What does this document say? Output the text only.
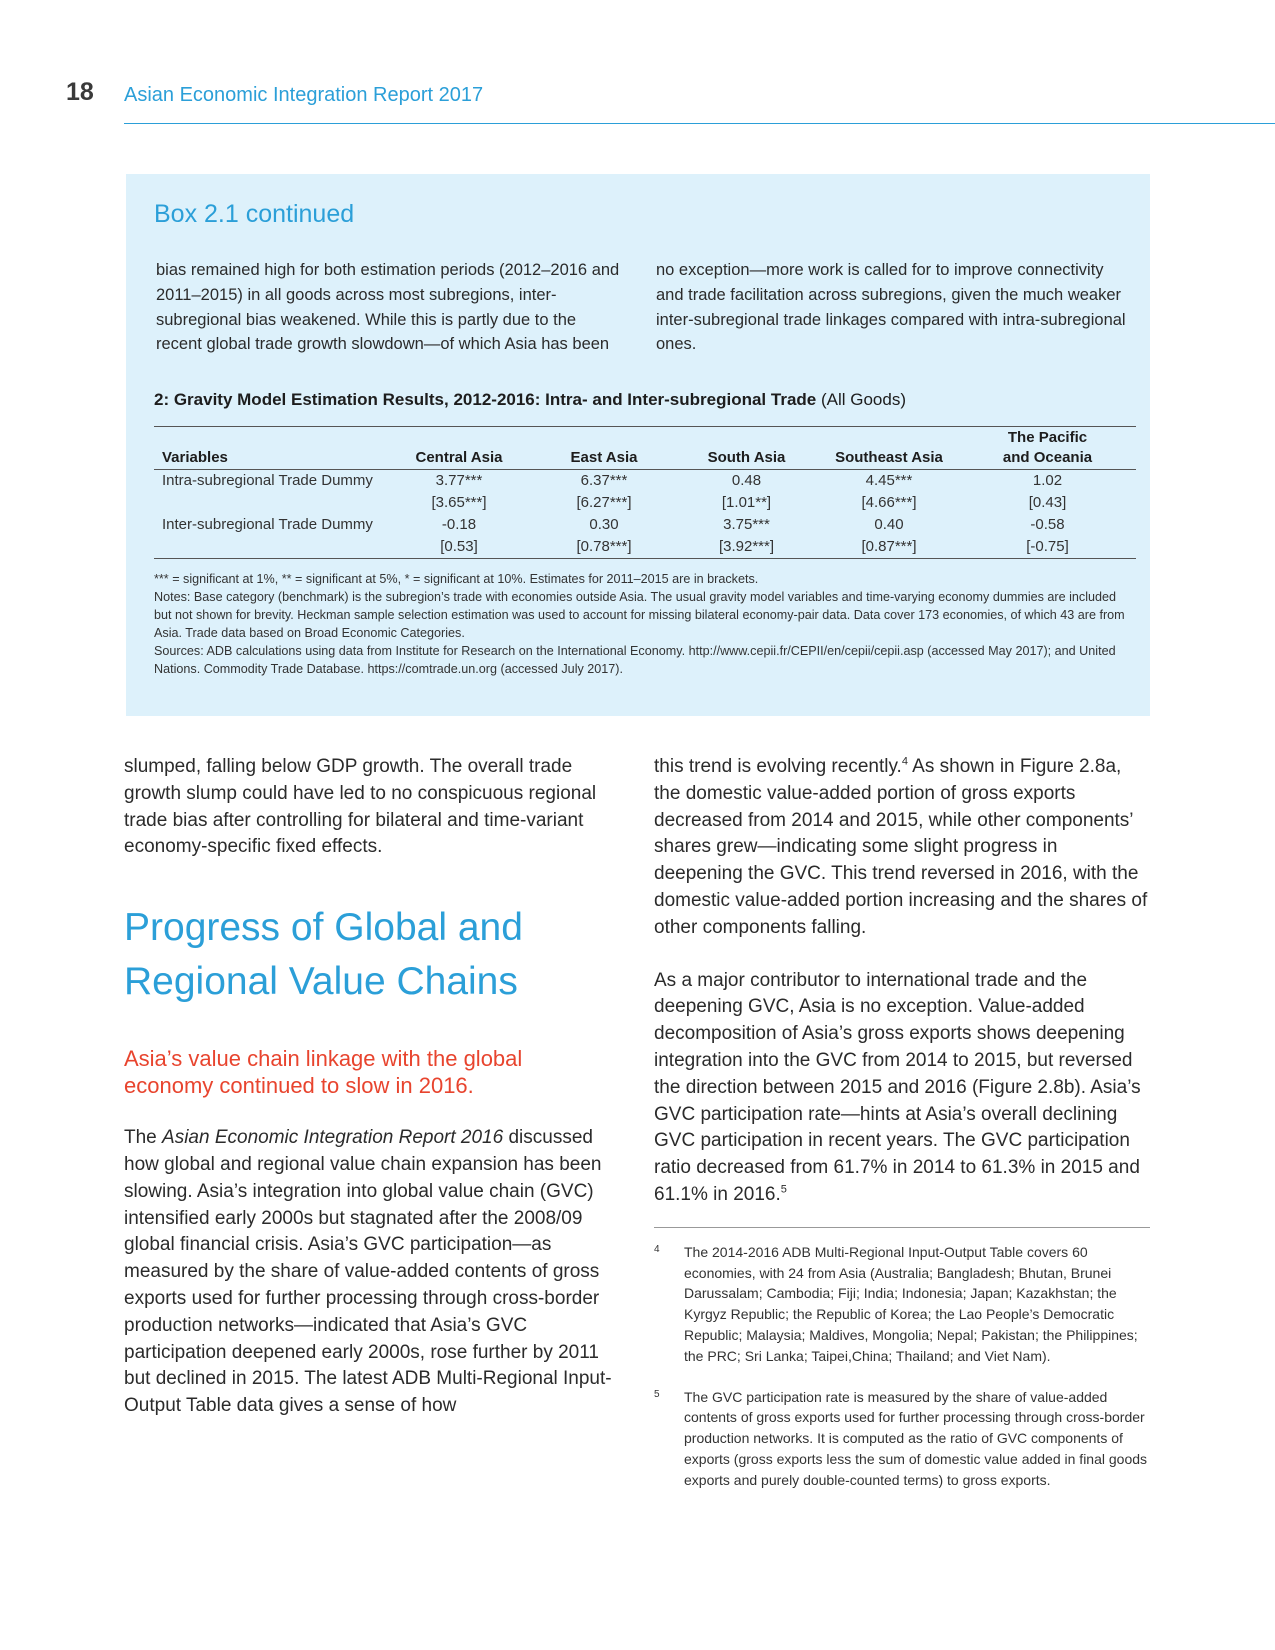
18 Asian Economic Integration Report 2017
Box 2.1 continued

bias remained high for both estimation periods (2012–2016 and 2011–2015) in all goods across most subregions, inter-subregional bias weakened. While this is partly due to the recent global trade growth slowdown—of which Asia has been

no exception—more work is called for to improve connectivity and trade facilitation across subregions, given the much weaker inter-subregional trade linkages compared with intra-subregional ones.

2: Gravity Model Estimation Results, 2012-2016: Intra- and Inter-subregional Trade (All Goods)
Variables	Central Asia	East Asia	South Asia	Southeast Asia	The Pacific and Oceania
Intra-subregional Trade Dummy	3.77***	6.37***	0.48	4.45***	1.02
	[3.65***]	[6.27***]	[1.01**]	[4.66***]	[0.43]
Inter-subregional Trade Dummy	-0.18	0.30	3.75***	0.40	-0.58
	[0.53]	[0.78***]	[3.92***]	[0.87***]	[-0.75]

*** = significant at 1%, ** = significant at 5%, * = significant at 10%. Estimates for 2011–2015 are in brackets.

Notes: Base category (benchmark) is the subregion’s trade with economies outside Asia. The usual gravity model variables and time-varying economy dummies are included but not shown for brevity. Heckman sample selection estimation was used to account for missing bilateral economy-pair data. Data cover 173 economies, of which 43 are from Asia. Trade data based on Broad Economic Categories.

Sources: ADB calculations using data from Institute for Research on the International Economy. http://www.cepii.fr/CEPII/en/cepii/cepii.asp (accessed May 2017); and United Nations. Commodity Trade Database. https://comtrade.un.org (accessed July 2017).

slumped, falling below GDP growth. The overall trade growth slump could have led to no conspicuous regional trade bias after controlling for bilateral and time-variant economy-specific fixed effects.

Progress of Global and Regional Value Chains
Asia’s value chain linkage with the global economy continued to slow in 2016.

The Asian Economic Integration Report 2016 discussed how global and regional value chain expansion has been slowing. Asia’s integration into global value chain (GVC) intensified early 2000s but stagnated after the 2008/09 global financial crisis. Asia’s GVC participation—as measured by the share of value-added contents of gross exports used for further processing through cross-border production networks—indicated that Asia’s GVC participation deepened early 2000s, rose further by 2011 but declined in 2015. The latest ADB Multi-Regional Input-Output Table data gives a sense of how

this trend is evolving recently.$^4$ As shown in Figure 2.8a, the domestic value-added portion of gross exports decreased from 2014 and 2015, while other components’ shares grew—indicating some slight progress in deepening the GVC. This trend reversed in 2016, with the domestic value-added portion increasing and the shares of other components falling.

As a major contributor to international trade and the deepening GVC, Asia is no exception. Value-added decomposition of Asia’s gross exports shows deepening integration into the GVC from 2014 to 2015, but reversed the direction between 2015 and 2016 (Figure 2.8b). Asia’s GVC participation rate—hints at Asia’s overall declining GVC participation in recent years. The GVC participation ratio decreased from 61.7% in 2014 to 61.3% in 2015 and 61.1% in 2016.$^5$

4	The 2014-2016 ADB Multi-Regional Input-Output Table covers 60 economies, with 24 from Asia (Australia; Bangladesh; Bhutan, Brunei Darussalam; Cambodia; Fiji; India; Indonesia; Japan; Kazakhstan; the Kyrgyz Republic; the Republic of Korea; the Lao People’s Democratic Republic; Malaysia; Maldives, Mongolia; Nepal; Pakistan; the Philippines; the PRC; Sri Lanka; Taipei,China; Thailand; and Viet Nam).
5	The GVC participation rate is measured by the share of value-added contents of gross exports used for further processing through cross-border production networks. It is computed as the ratio of GVC components of exports (gross exports less the sum of domestic value added in final goods exports and purely double-counted terms) to gross exports.
